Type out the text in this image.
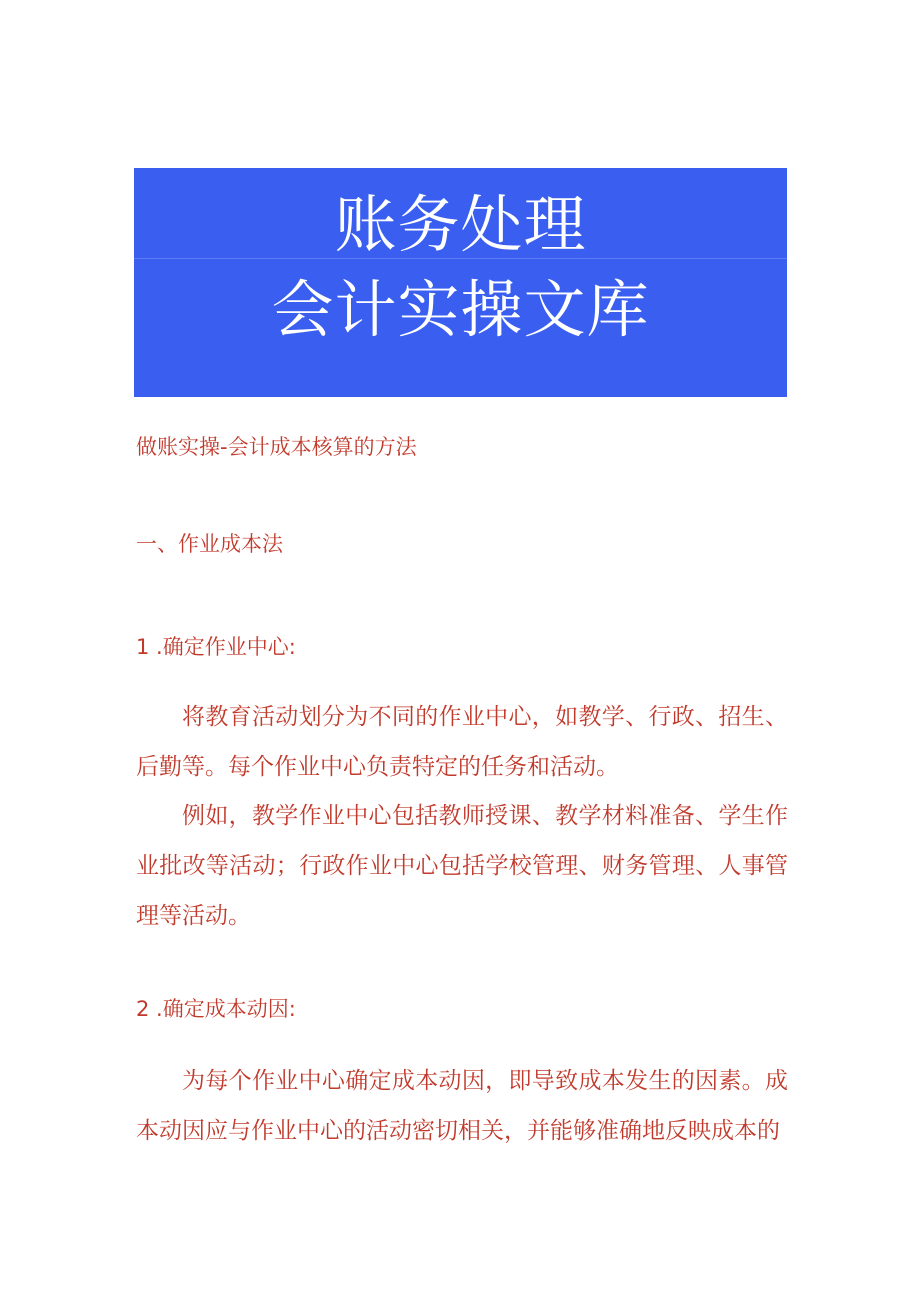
账务处理
会计实操文库
做账实操-会计成本核算的方法
一、作业成本法
1 .确定作业中心:

将教育活动划分为不同的作业中心，如教学、行政、招生、后勤等。每个作业中心负责特定的任务和活动。

例如，教学作业中心包括教师授课、教学材料准备、学生作业批改等活动；行政作业中心包括学校管理、财务管理、人事管理等活动。

2 .确定成本动因:

为每个作业中心确定成本动因，即导致成本发生的因素。成本动因应与作业中心的活动密切相关，并能够准确地反映成本的
